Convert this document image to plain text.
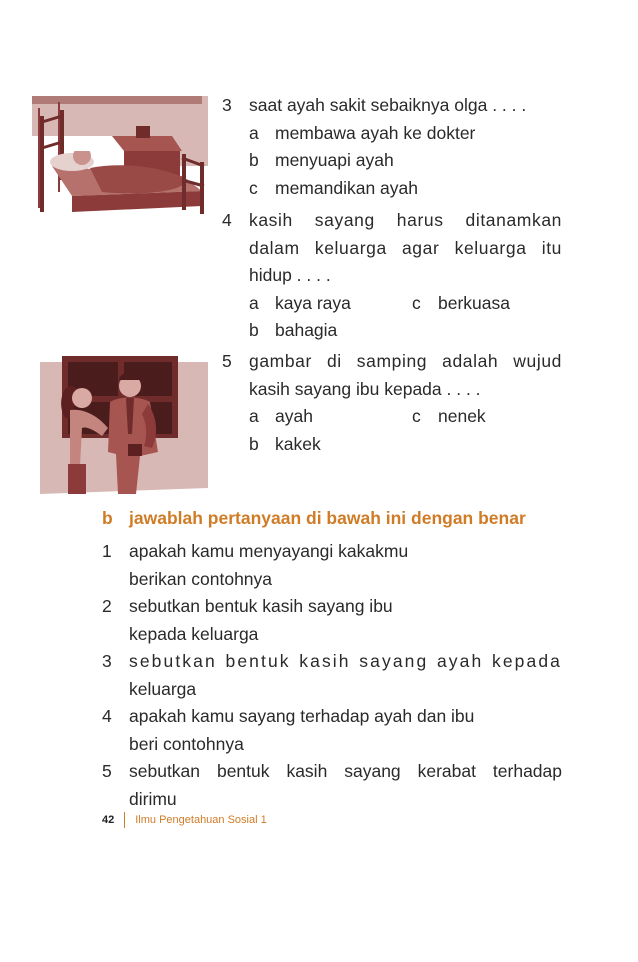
3 saat ayah sakit sebaiknya olga . . . .
a membawa ayah ke dokter
b menyuapi ayah
c memandikan ayah
4 kasih sayang harus ditanamkan
dalam keluarga agar keluarga itu
hidup . . . .
a kaya raya	c berkuasa
b bahagia
5 gambar di samping adalah wujud
kasih sayang ibu kepada . . . .
a ayah	c nenek
b kakek
b jawablah pertanyaan di bawah ini dengan benar
1 apakah kamu menyayangi kakakmu
berikan contohnya
2 sebutkan bentuk kasih sayang ibu
kepada keluarga
3 sebutkan bentuk kasih sayang ayah kepada
keluarga
4 apakah kamu sayang terhadap ayah dan ibu
beri contohnya
5 sebutkan bentuk kasih sayang kerabat terhadap
dirimu
42 Ilmu Pengetahuan Sosial 1
